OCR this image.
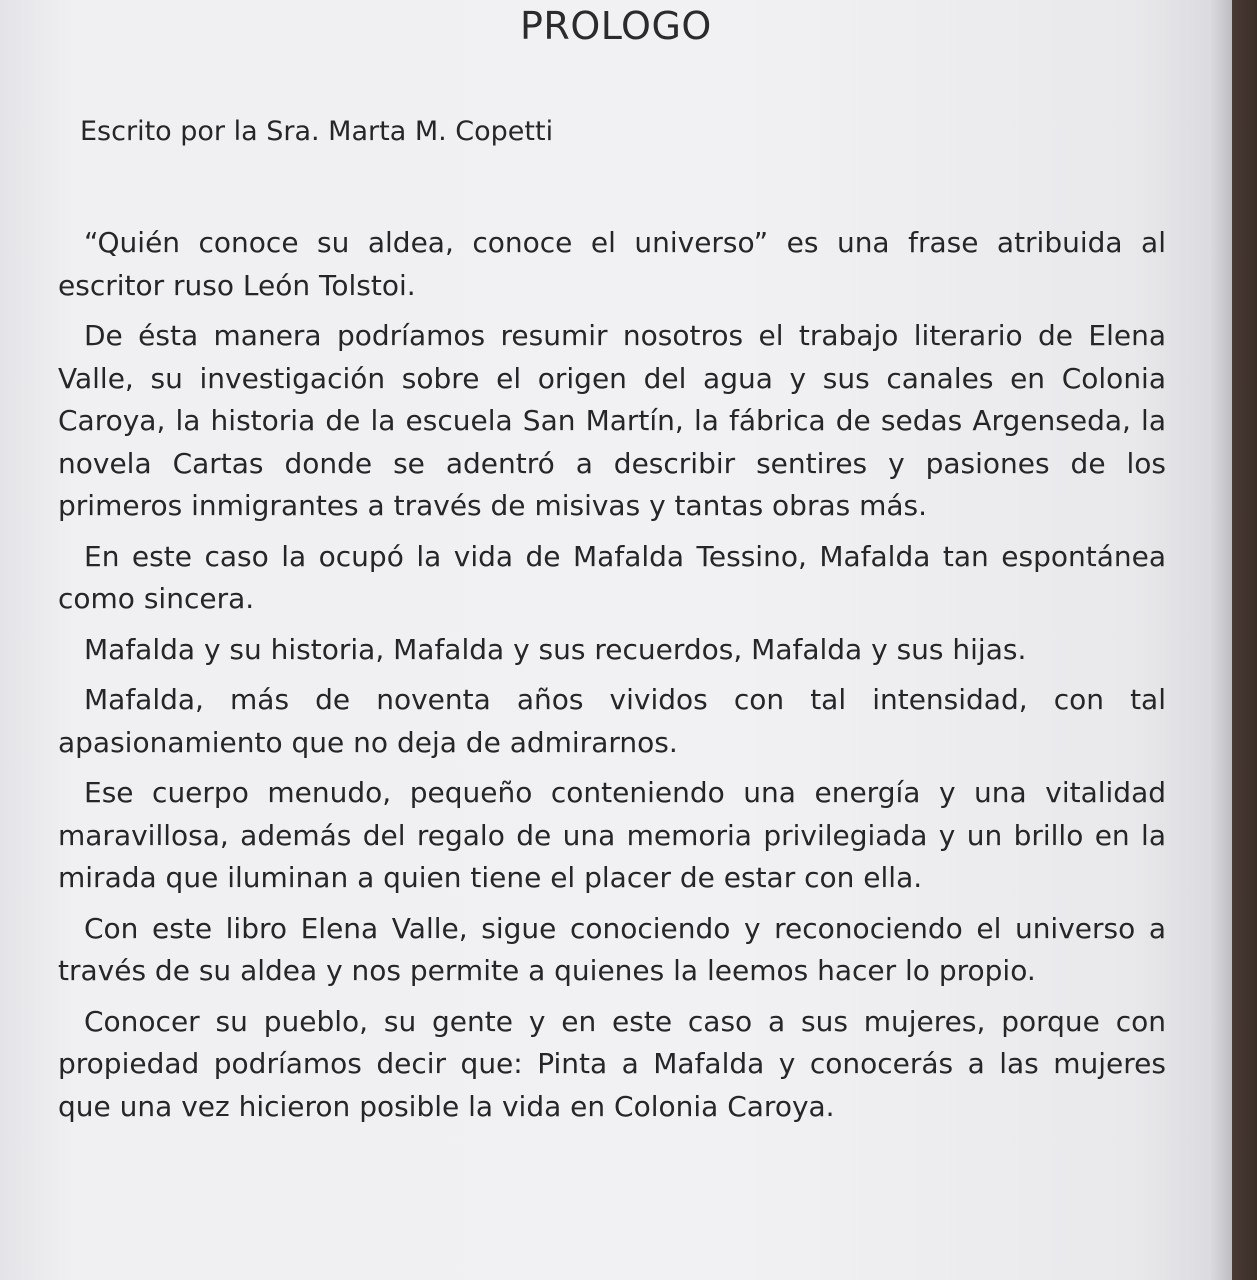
PROLOGO

Escrito por la Sra. Marta M. Copetti

“Quién conoce su aldea, conoce el universo” es una frase atribuida al escritor ruso León Tolstoi.

De ésta manera podríamos resumir nosotros el trabajo literario de Elena Valle, su investigación sobre el origen del agua y sus canales en Colonia Caroya, la historia de la escuela San Martín, la fábrica de sedas Argenseda, la novela Cartas donde se adentró a describir sentires y pasiones de los primeros inmigrantes a través de misivas y tantas obras más.

En este caso la ocupó la vida de Mafalda Tessino, Mafalda tan espontánea como sincera.

Mafalda y su historia, Mafalda y sus recuerdos, Mafalda y sus hijas.

Mafalda, más de noventa años vividos con tal intensidad, con tal apasionamiento que no deja de admirarnos.

Ese cuerpo menudo, pequeño conteniendo una energía y una vitalidad maravillosa, además del regalo de una memoria privilegiada y un brillo en la mirada que iluminan a quien tiene el placer de estar con ella.

Con este libro Elena Valle, sigue conociendo y reconociendo el universo a través de su aldea y nos permite a quienes la leemos hacer lo propio.

Conocer su pueblo, su gente y en este caso a sus mujeres, porque con propiedad podríamos decir que: Pinta a Mafalda y conocerás a las mujeres que una vez hicieron posible la vida en Colonia Caroya.
